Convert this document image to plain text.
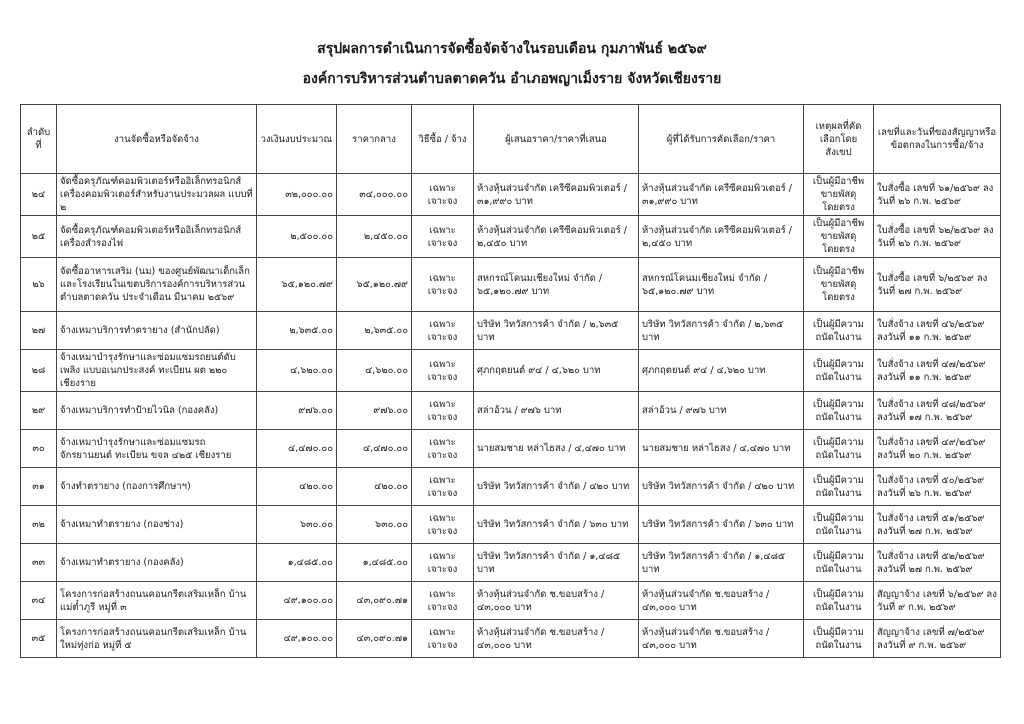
สรุปผลการดำเนินการจัดซื้อจัดจ้างในรอบเดือน กุมภาพันธ์ ๒๕๖๙
องค์การบริหารส่วนตำบลตาดควัน อำเภอพญาเม็งราย จังหวัดเชียงราย
ลำดับที่	งานจัดซื้อหรือจัดจ้าง	วงเงินงบประมาณ	ราคากลาง	วิธีซื้อ / จ้าง	ผู้เสนอราคา/ราคาที่เสนอ	ผู้ที่ได้รับการคัดเลือก/ราคา	เหตุผลที่คัดเลือกโดยสังเขป	เลขที่และวันที่ของสัญญาหรือข้อตกลงในการซื้อ/จ้าง
๒๔	จัดซื้อครุภัณฑ์คอมพิวเตอร์หรืออิเล็กทรอนิกส์ เครื่องคอมพิวเตอร์สำหรับงานประมวลผล แบบที่ ๒	๓๒,๐๐๐.๐๐	๓๔,๐๐๐.๐๐	เฉพาะเจาะจง	ห้างหุ้นส่วนจำกัด เครีซีคอมพิวเตอร์ / ๓๑,๙๙๐ บาท	ห้างหุ้นส่วนจำกัด เครีซีคอมพิวเตอร์ / ๓๑,๙๙๐ บาท	เป็นผู้มีอาชีพขายพัสดุโดยตรง	ใบสั่งซื้อ เลขที่ ๖๑/๒๕๖๙ ลงวันที่ ๒๖ ก.พ. ๒๕๖๙
๒๕	จัดซื้อครุภัณฑ์คอมพิวเตอร์หรืออิเล็กทรอนิกส์ เครื่องสำรองไฟ	๒,๕๐๐.๐๐	๒,๔๕๐.๐๐	เฉพาะเจาะจง	ห้างหุ้นส่วนจำกัด เครีซีคอมพิวเตอร์ / ๒,๔๕๐ บาท	ห้างหุ้นส่วนจำกัด เครีซีคอมพิวเตอร์ / ๒,๔๕๐ บาท	เป็นผู้มีอาชีพขายพัสดุโดยตรง	ใบสั่งซื้อ เลขที่ ๖๒/๒๕๖๙ ลงวันที่ ๒๖ ก.พ. ๒๕๖๙
๒๖	จัดซื้ออาหารเสริม (นม) ของศูนย์พัฒนาเด็กเล็กและโรงเรียนในเขตบริการองค์การบริหารส่วนตำบลตาดควัน ประจำเดือน มีนาคม ๒๕๖๙	๖๕,๑๒๐.๗๙	๖๕,๑๒๐.๗๙	เฉพาะเจาะจง	สหกรณ์โคนมเชียงใหม่ จำกัด / ๖๕,๑๒๐.๗๙ บาท	สหกรณ์โคนมเชียงใหม่ จำกัด / ๖๕,๑๒๐.๗๙ บาท	เป็นผู้มีอาชีพขายพัสดุโดยตรง	ใบสั่งซื้อ เลขที่ ๖/๒๕๖๙ ลงวันที่ ๒๗ ก.พ. ๒๕๖๙
๒๗	จ้างเหมาบริการทำตรายาง (สำนักปลัด)	๒,๖๓๕.๐๐	๒,๖๓๕.๐๐	เฉพาะเจาะจง	บริษัท วิทวัสการค้า จำกัด / ๒,๖๓๕ บาท	บริษัท วิทวัสการค้า จำกัด / ๒,๖๓๕ บาท	เป็นผู้มีความถนัดในงาน	ใบสั่งจ้าง เลขที่ ๔๖/๒๕๖๙ ลงวันที่ ๑๑ ก.พ. ๒๕๖๙
๒๘	จ้างเหมาบำรุงรักษาและซ่อมแซมรถยนต์ดับเพลิง แบบอเนกประสงค์ ทะเบียน ผต ๒๒๐ เชียงราย	๔,๖๒๐.๐๐	๔,๖๒๐.๐๐	เฉพาะเจาะจง	ศุภกฤตยนต์ ๙๔ / ๔,๖๒๐ บาท	ศุภกฤตยนต์ ๙๔ / ๔,๖๒๐ บาท	เป็นผู้มีความถนัดในงาน	ใบสั่งจ้าง เลขที่ ๔๗/๒๕๖๙ ลงวันที่ ๑๑ ก.พ. ๒๕๖๙
๒๙	จ้างเหมาบริการทำป้ายไวนิล (กองคลัง)	๙๗๖.๐๐	๙๗๖.๐๐	เฉพาะเจาะจง	สล่าอ้วน / ๙๗๖ บาท	สล่าอ้วน / ๙๗๖ บาท	เป็นผู้มีความถนัดในงาน	ใบสั่งจ้าง เลขที่ ๔๘/๒๕๖๙ ลงวันที่ ๑๗ ก.พ. ๒๕๖๙
๓๐	จ้างเหมาบำรุงรักษาและซ่อมแซมรถจักรยานยนต์ ทะเบียน ขจล ๔๒๕ เชียงราย	๔,๔๗๐.๐๐	๔,๔๗๐.๐๐	เฉพาะเจาะจง	นายสมชาย หล่าไธสง / ๔,๔๗๐ บาท	นายสมชาย หล่าไธสง / ๔,๔๗๐ บาท	เป็นผู้มีความถนัดในงาน	ใบสั่งจ้าง เลขที่ ๔๙/๒๕๖๙ ลงวันที่ ๒๐ ก.พ. ๒๕๖๙
๓๑	จ้างทำตรายาง (กองการศึกษาฯ)	๔๒๐.๐๐	๔๒๐.๐๐	เฉพาะเจาะจง	บริษัท วิทวัสการค้า จำกัด / ๔๒๐ บาท	บริษัท วิทวัสการค้า จำกัด / ๔๒๐ บาท	เป็นผู้มีความถนัดในงาน	ใบสั่งจ้าง เลขที่ ๕๐/๒๕๖๙ ลงวันที่ ๒๖ ก.พ. ๒๕๖๙
๓๒	จ้างเหมาทำตรายาง (กองช่าง)	๖๓๐.๐๐	๖๓๐.๐๐	เฉพาะเจาะจง	บริษัท วิทวัสการค้า จำกัด / ๖๓๐ บาท	บริษัท วิทวัสการค้า จำกัด / ๖๓๐ บาท	เป็นผู้มีความถนัดในงาน	ใบสั่งจ้าง เลขที่ ๕๑/๒๕๖๙ ลงวันที่ ๒๗ ก.พ. ๒๕๖๙
๓๓	จ้างเหมาทำตรายาง (กองคลัง)	๑,๔๘๕.๐๐	๑,๔๘๕.๐๐	เฉพาะเจาะจง	บริษัท วิทวัสการค้า จำกัด / ๑,๔๘๕ บาท	บริษัท วิทวัสการค้า จำกัด / ๑,๔๘๕ บาท	เป็นผู้มีความถนัดในงาน	ใบสั่งจ้าง เลขที่ ๕๒/๒๕๖๙ ลงวันที่ ๒๗ ก.พ. ๒๕๖๙
๓๔	โครงการก่อสร้างถนนคอนกรีตเสริมเหล็ก บ้านแม่ต๋ำภูรี หมู่ที่ ๓	๔๙,๑๐๐.๐๐	๔๓,๐๙๐.๗๑	เฉพาะเจาะจง	ห้างหุ้นส่วนจำกัด ช.ขอบสร้าง / ๔๓,๐๐๐ บาท	ห้างหุ้นส่วนจำกัด ช.ขอบสร้าง / ๔๓,๐๐๐ บาท	เป็นผู้มีความถนัดในงาน	สัญญาจ้าง เลขที่ ๖/๒๕๖๙ ลงวันที่ ๙ ก.พ. ๒๕๖๙
๓๕	โครงการก่อสร้างถนนคอนกรีตเสริมเหล็ก บ้านใหม่ทุ่งก่อ หมู่ที่ ๕	๔๙,๑๐๐.๐๐	๔๓,๐๙๐.๗๑	เฉพาะเจาะจง	ห้างหุ้นส่วนจำกัด ช.ขอบสร้าง / ๔๓,๐๐๐ บาท	ห้างหุ้นส่วนจำกัด ช.ขอบสร้าง / ๔๓,๐๐๐ บาท	เป็นผู้มีความถนัดในงาน	สัญญาจ้าง เลขที่ ๗/๒๕๖๙ ลงวันที่ ๙ ก.พ. ๒๕๖๙
